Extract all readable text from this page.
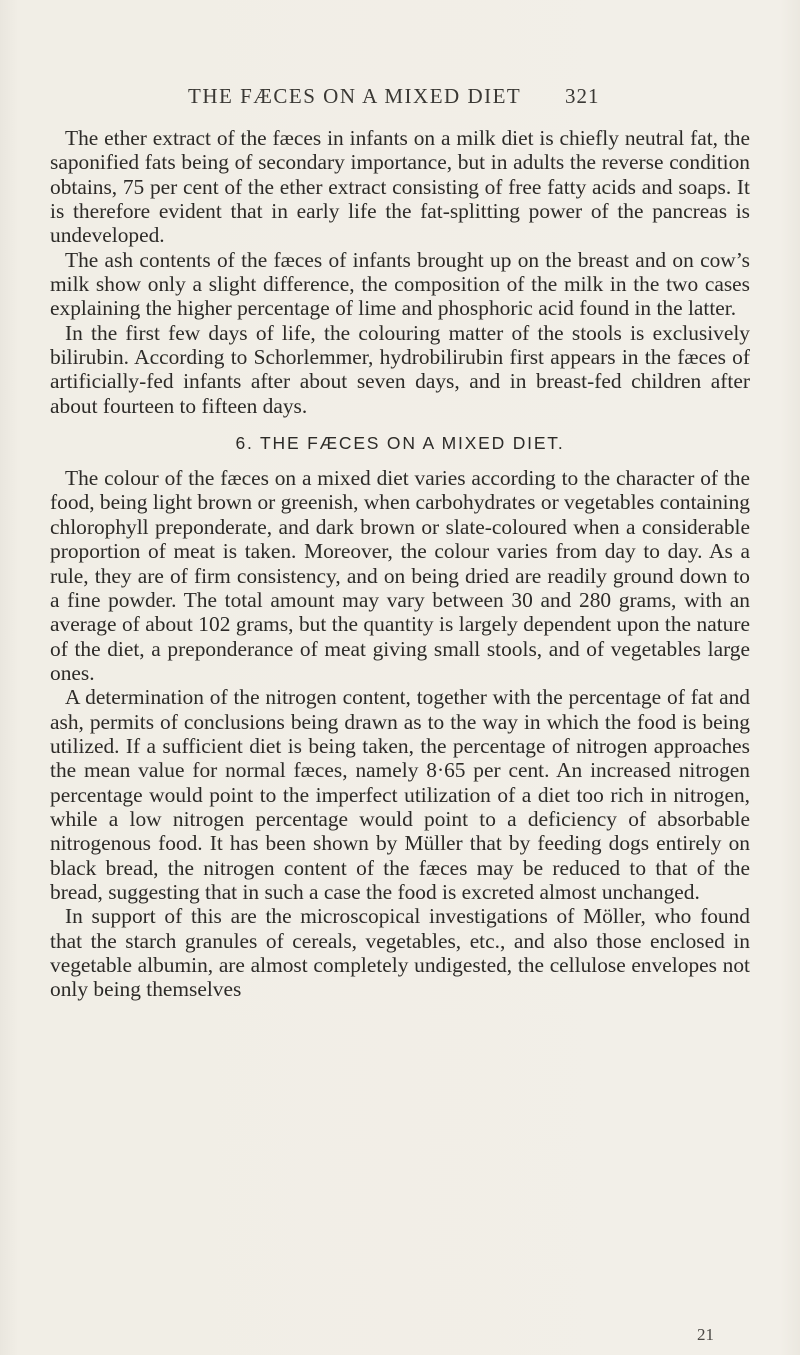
THE FÆCES ON A MIXED DIET 321

The ether extract of the fæces in infants on a milk diet is chiefly neutral fat, the saponified fats being of secondary importance, but in adults the reverse condition obtains, 75 per cent of the ether extract consisting of free fatty acids and soaps. It is therefore evident that in early life the fat-splitting power of the pancreas is undeveloped.

The ash contents of the fæces of infants brought up on the breast and on cow’s milk show only a slight difference, the composition of the milk in the two cases explaining the higher percentage of lime and phosphoric acid found in the latter.

In the first few days of life, the colouring matter of the stools is exclusively bilirubin. According to Schorlemmer, hydrobilirubin first appears in the fæces of artificially-fed infants after about seven days, and in breast-fed children after about fourteen to fifteen days.

6. THE FÆCES ON A MIXED DIET.

The colour of the fæces on a mixed diet varies according to the character of the food, being light brown or greenish, when carbohydrates or vegetables containing chlorophyll preponderate, and dark brown or slate-coloured when a considerable proportion of meat is taken. Moreover, the colour varies from day to day. As a rule, they are of firm consistency, and on being dried are readily ground down to a fine powder. The total amount may vary between 30 and 280 grams, with an average of about 102 grams, but the quantity is largely dependent upon the nature of the diet, a preponderance of meat giving small stools, and of vegetables large ones.

A determination of the nitrogen content, together with the percentage of fat and ash, permits of conclusions being drawn as to the way in which the food is being utilized. If a sufficient diet is being taken, the percentage of nitrogen approaches the mean value for normal fæces, namely 8·65 per cent. An increased nitrogen percentage would point to the imperfect utilization of a diet too rich in nitrogen, while a low nitrogen percentage would point to a deficiency of absorbable nitrogenous food. It has been shown by Müller that by feeding dogs entirely on black bread, the nitrogen content of the fæces may be reduced to that of the bread, suggesting that in such a case the food is excreted almost unchanged.

In support of this are the microscopical investigations of Möller, who found that the starch granules of cereals, vegetables, etc., and also those enclosed in vegetable albumin, are almost completely undigested, the cellulose envelopes not only being themselves

21
